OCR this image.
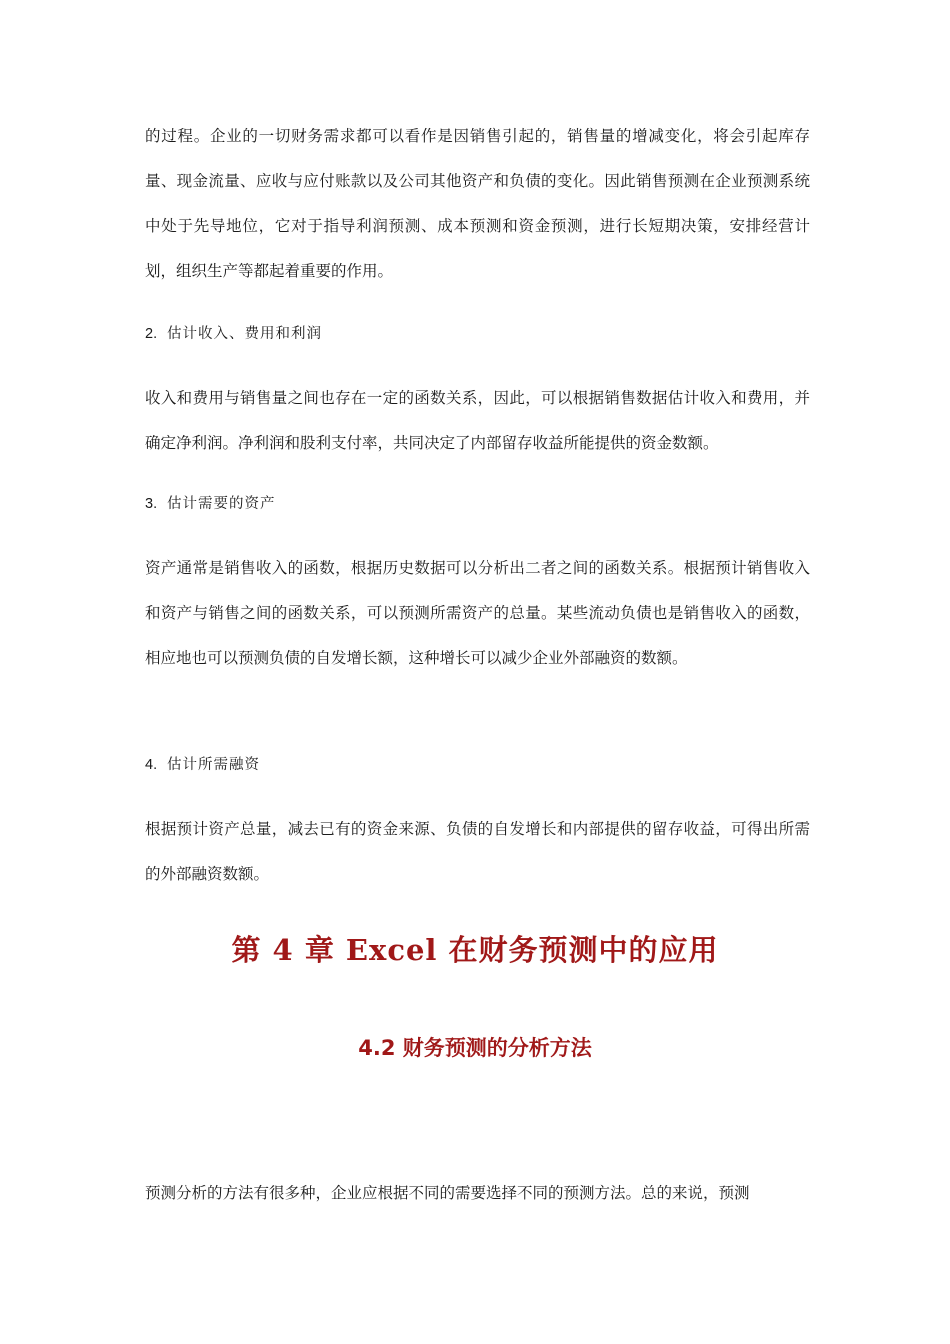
的过程。企业的一切财务需求都可以看作是因销售引起的，销售量的增减变化，将会引起库存量、现金流量、应收与应付账款以及公司其他资产和负债的变化。因此销售预测在企业预测系统中处于先导地位，它对于指导利润预测、成本预测和资金预测，进行长短期决策，安排经营计划，组织生产等都起着重要的作用。

2. 估计收入、费用和利润

收入和费用与销售量之间也存在一定的函数关系，因此，可以根据销售数据估计收入和费用，并确定净利润。净利润和股利支付率，共同决定了内部留存收益所能提供的资金数额。

3. 估计需要的资产

资产通常是销售收入的函数，根据历史数据可以分析出二者之间的函数关系。根据预计销售收入和资产与销售之间的函数关系，可以预测所需资产的总量。某些流动负债也是销售收入的函数，相应地也可以预测负债的自发增长额，这种增长可以减少企业外部融资的数额。

4. 估计所需融资

根据预计资产总量，减去已有的资金来源、负债的自发增长和内部提供的留存收益，可得出所需的外部融资数额。

第 4 章 Excel 在财务预测中的应用
4.2 财务预测的分析方法

预测分析的方法有很多种，企业应根据不同的需要选择不同的预测方法。总的来说，预测
